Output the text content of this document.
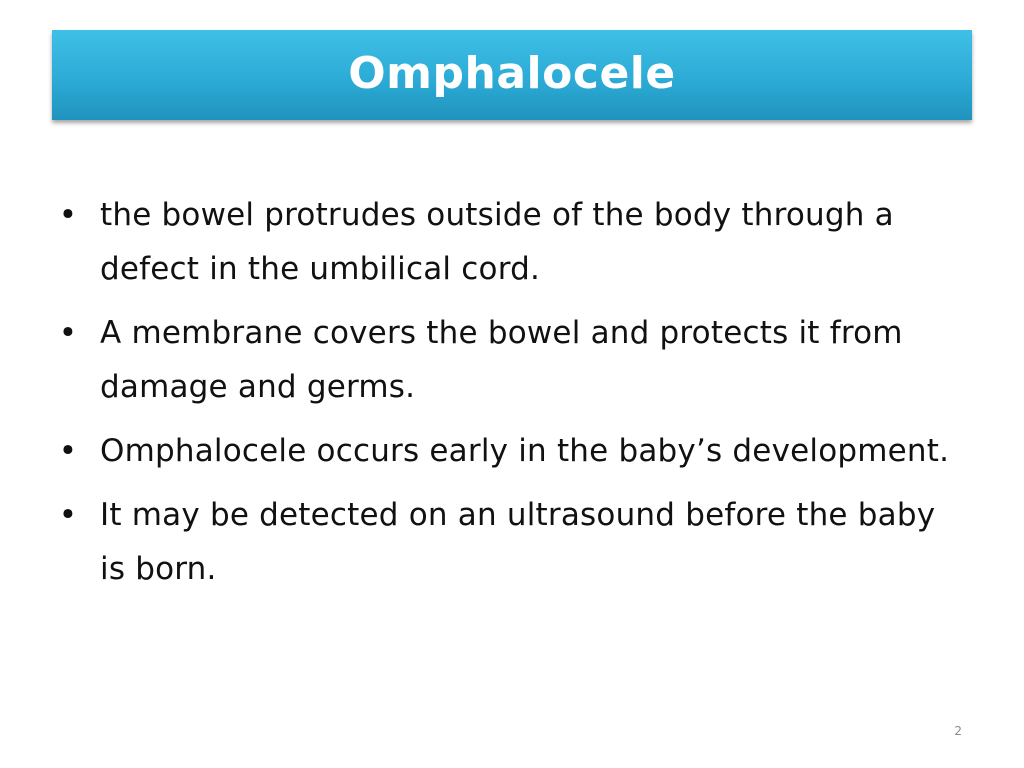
Omphalocele
• the bowel protrudes outside of the body through a defect in the umbilical cord.
• A membrane covers the bowel and protects it from damage and germs.
• Omphalocele occurs early in the baby’s development.
• It may be detected on an ultrasound before the baby is born.
2
